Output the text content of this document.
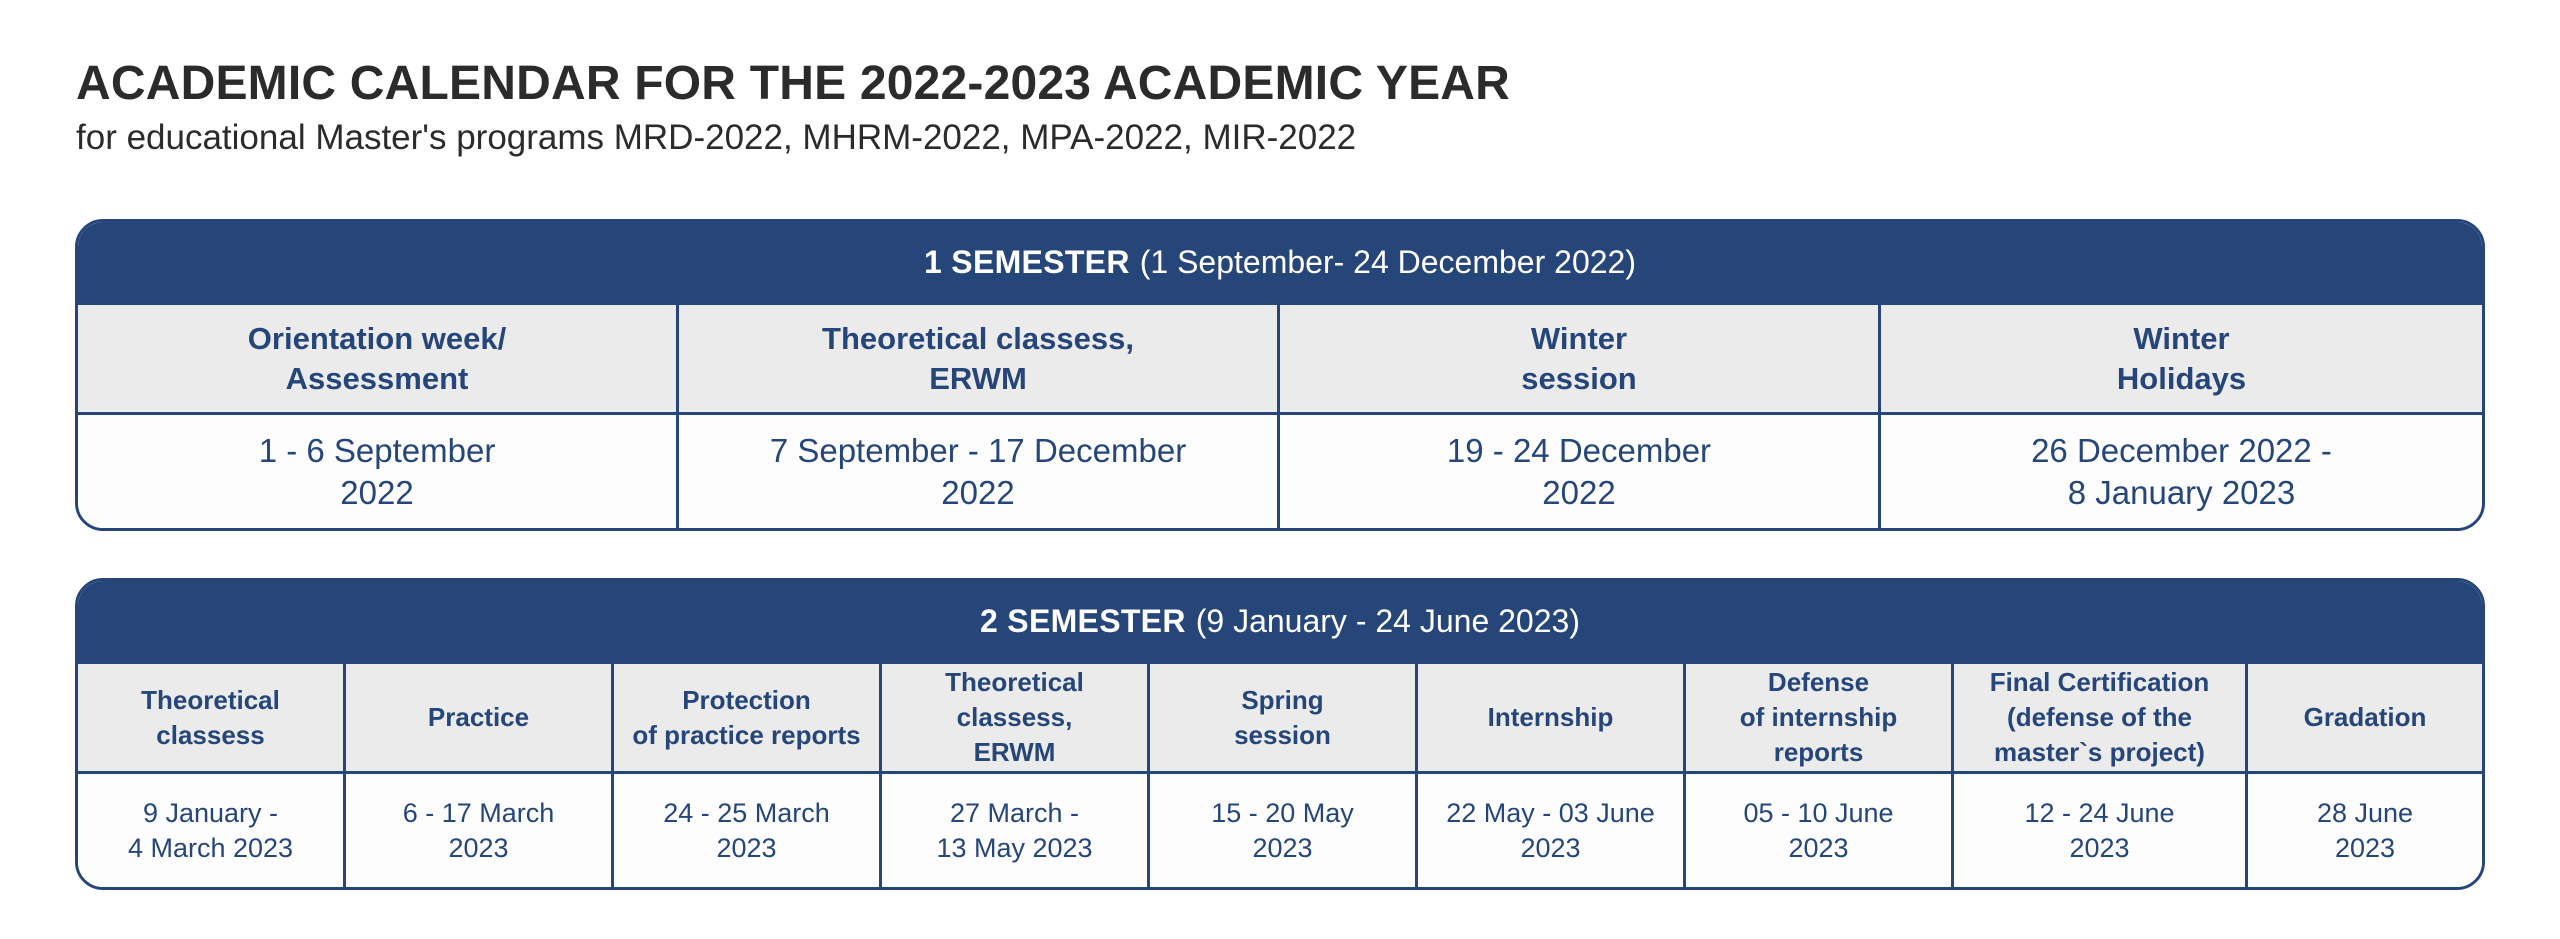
ACADEMIC CALENDAR FOR THE 2022-2023 ACADEMIC YEAR

for educational Master's programs MRD-2022, MHRM-2022, MPA-2022, MIR-2022

1 SEMESTER (1 September- 24 December 2022)
Orientation week/
Assessment
Theoretical classess,
ERWM
Winter
session
Winter
Holidays
1 - 6 September
2022
7 September - 17 December
2022
19 - 24 December
2022
26 December 2022 -
8 January 2023
2 SEMESTER (9 January - 24 June 2023)
Theoretical
classess
Practice
Protection
of practice reports
Theoretical classess,
ERWM
Spring
session
Internship
Defense
of internship reports
Final Certification
(defense of the
master`s project)
Gradation
9 January -
4 March 2023
6 - 17 March
2023
24 - 25 March
2023
27 March -
13 May 2023
15 - 20 May
2023
22 May - 03 June
2023
05 - 10 June
2023
12 - 24 June
2023
28 June
2023
